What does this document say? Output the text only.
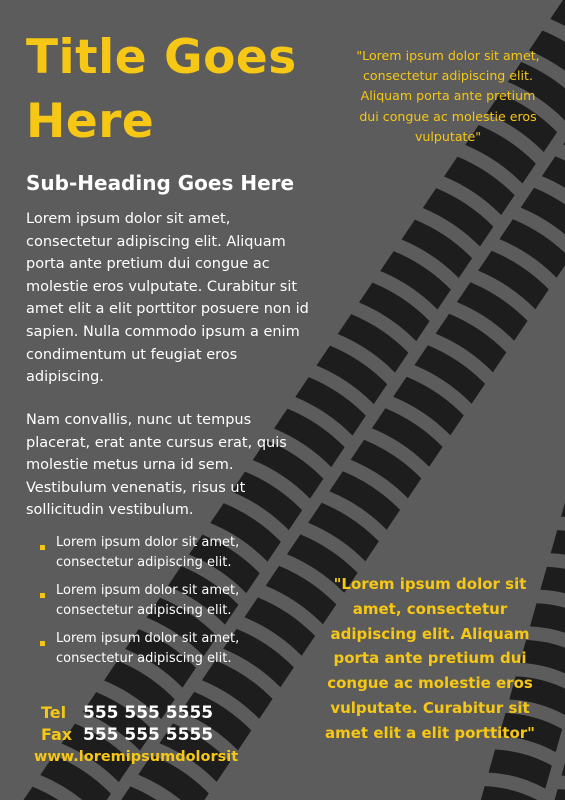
Title Goes
Here
Sub-Heading Goes Here

Lorem ipsum dolor sit amet, consectetur adipiscing elit. Aliquam porta ante pretium dui congue ac molestie eros vulputate. Curabitur sit amet elit a elit porttitor posuere non id sapien. Nulla commodo ipsum a enim condimentum ut feugiat eros adipiscing.

Nam convallis, nunc ut tempus placerat, erat ante cursus erat, quis molestie metus urna id sem. Vestibulum venenatis, risus ut sollicitudin vestibulum.

Lorem ipsum dolor sit amet, consectetur adipiscing elit.
Lorem ipsum dolor sit amet, consectetur adipiscing elit.
Lorem ipsum dolor sit amet, consectetur adipiscing elit.
Tel 555 555 5555
Fax 555 555 5555
www.loremipsumdolorsit

"Lorem ipsum dolor sit amet, consectetur adipiscing elit. Aliquam porta ante pretium dui congue ac molestie eros vulputate"

"Lorem ipsum dolor sit amet, consectetur adipiscing elit. Aliquam porta ante pretium dui congue ac molestie eros vulputate. Curabitur sit amet elit a elit porttitor"
